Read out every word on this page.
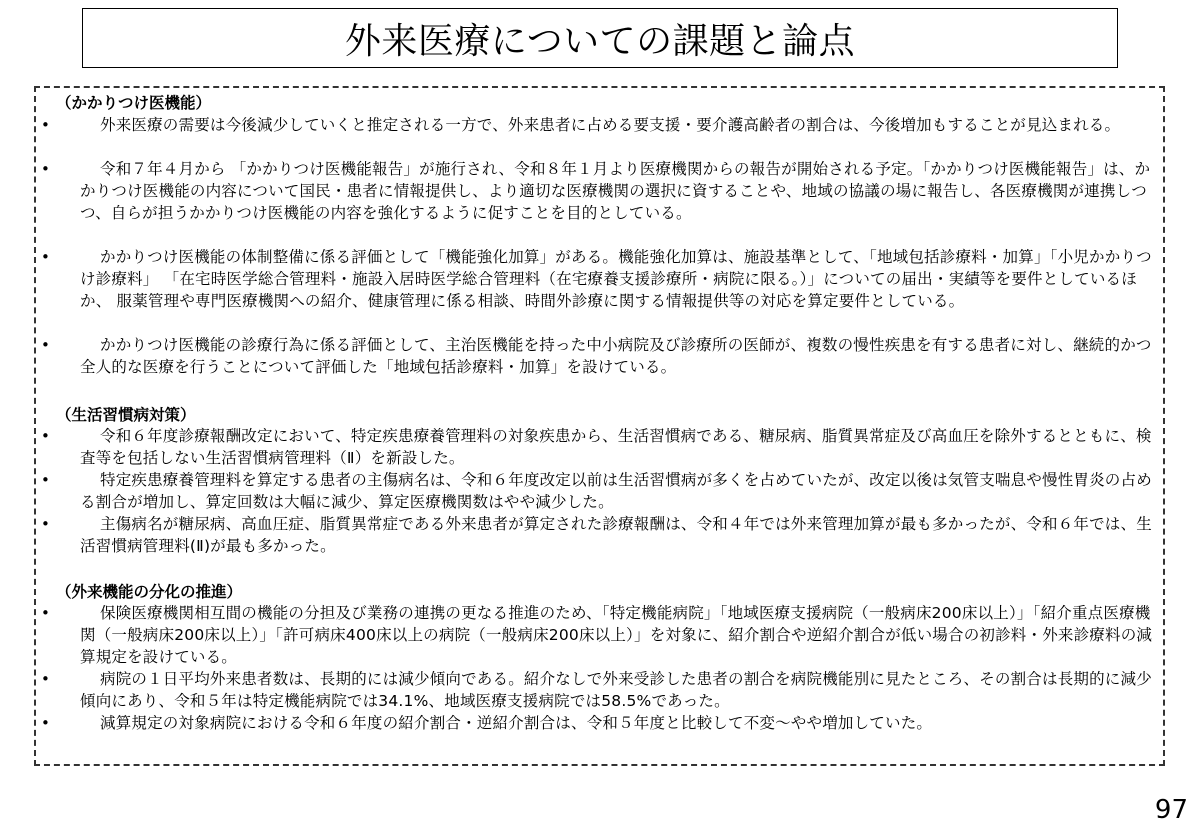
外来医療についての課題と論点
（かかりつけ医機能）
•	外来医療の需要は今後減少していくと推定される一方で、外来患者に占める要支援・要介護高齢者の割合は、今後増加もすることが見込まれる。
•	令和７年４月から 「かかりつけ医機能報告」が施行され、令和８年１月より医療機関からの報告が開始される予定。「かかりつけ医機能報告」は、かかりつけ医機能の内容について国民・患者に情報提供し、より適切な医療機関の選択に資することや、地域の協議の場に報告し、各医療機関が連携しつつ、自らが担うかかりつけ医機能の内容を強化するように促すことを目的としている。
•	かかりつけ医機能の体制整備に係る評価として「機能強化加算」がある。機能強化加算は、施設基準として、「地域包括診療料・加算」「小児かかりつけ診療料」 「在宅時医学総合管理料・施設入居時医学総合管理料（在宅療養支援診療所・病院に限る。）」についての届出・実績等を要件としているほか、 服薬管理や専門医療機関への紹介、健康管理に係る相談、時間外診療に関する情報提供等の対応を算定要件としている。
•	かかりつけ医機能の診療行為に係る評価として、主治医機能を持った中小病院及び診療所の医師が、複数の慢性疾患を有する患者に対し、継続的かつ全人的な医療を行うことについて評価した「地域包括診療料・加算」を設けている。
（生活習慣病対策）
•	令和６年度診療報酬改定において、特定疾患療養管理料の対象疾患から、生活習慣病である、糖尿病、脂質異常症及び高血圧を除外するとともに、検査等を包括しない生活習慣病管理料（Ⅱ）を新設した。
•	特定疾患療養管理料を算定する患者の主傷病名は、令和６年度改定以前は生活習慣病が多くを占めていたが、改定以後は気管支喘息や慢性胃炎の占める割合が増加し、算定回数は大幅に減少、算定医療機関数はやや減少した。
•	主傷病名が糖尿病、高血圧症、脂質異常症である外来患者が算定された診療報酬は、令和４年では外来管理加算が最も多かったが、令和６年では、生活習慣病管理料(Ⅱ)が最も多かった。
（外来機能の分化の推進）
•	保険医療機関相互間の機能の分担及び業務の連携の更なる推進のため、「特定機能病院」「地域医療支援病院（一般病床200床以上）」「紹介重点医療機関（一般病床200床以上）」「許可病床400床以上の病院（一般病床200床以上）」を対象に、紹介割合や逆紹介割合が低い場合の初診料・外来診療料の減算規定を設けている。
•	病院の１日平均外来患者数は、長期的には減少傾向である。紹介なしで外来受診した患者の割合を病院機能別に見たところ、その割合は長期的に減少傾向にあり、令和５年は特定機能病院では34.1%、地域医療支援病院では58.5%であった。
•	減算規定の対象病院における令和６年度の紹介割合・逆紹介割合は、令和５年度と比較して不変～やや増加していた。
97
